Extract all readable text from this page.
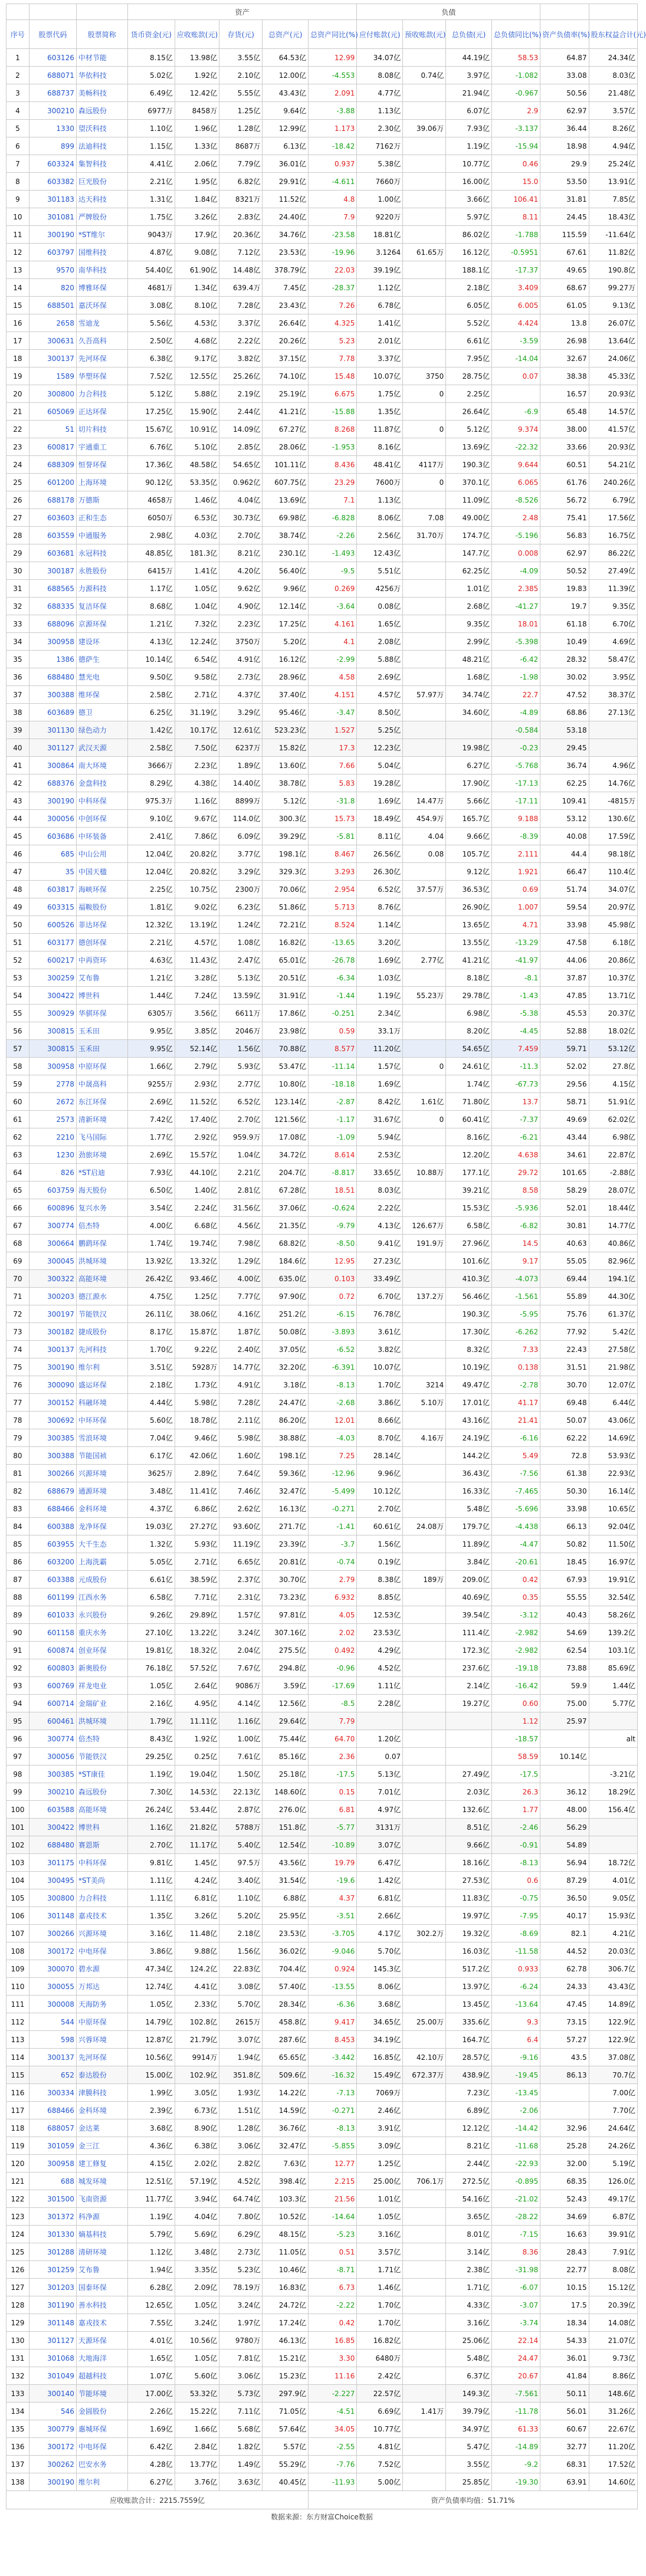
			资产					负债					
序号	股票代码	股票简称	货币资金(元)	应收账款(元)	存货(元)	总资产(元)	总资产同比(%)	应付账款(元)	预收账款(元)	总负债(元)	总负债同比(%)	资产负债率(%)	股东权益合计(元)
1	603126	中材节能	8.15亿	13.98亿	3.55亿	64.53亿	12.99	34.07亿		44.19亿	58.53	64.87	24.34亿
2	688071	华依科技	5.02亿	1.92亿	2.10亿	12.00亿	-4.553	8.08亿	0.74亿	3.97亿	-1.082	33.08	8.03亿
3	688737	美畅科技	6.49亿	12.42亿	5.55亿	43.43亿	2.091	4.77亿		21.94亿	-0.967	50.56	21.48亿
4	300210	森远股份	6977万	8458万	1.25亿	9.64亿	-3.88	1.13亿		6.07亿	2.9	62.97	3.57亿
5	1330	望沃科技	1.10亿	1.96亿	1.28亿	12.99亿	1.173	2.30亿	39.06万	7.93亿	-3.137	36.44	8.26亿
6	899	法迪科技	1.15亿	1.33亿	8687万	6.13亿	-18.42	7162万		1.19亿	-15.94	18.98	4.94亿
7	603324	集智科技	4.41亿	2.06亿	7.79亿	36.01亿	0.937	5.38亿		10.77亿	0.46	29.9	25.24亿
8	603382	巨光股份	2.21亿	1.95亿	6.82亿	29.91亿	-4.611	7660万		16.00亿	15.0	53.50	13.91亿
9	301183	达天科技	1.31亿	1.84亿	8321万	11.52亿	4.8	1.00亿		3.66亿	106.41	31.81	7.85亿
10	301081	严牌股份	1.75亿	3.26亿	2.83亿	24.40亿	7.9	9220万		5.97亿	8.11	24.45	18.43亿
11	300190	*ST维尔	9043万	17.9亿	20.36亿	34.76亿	-23.58	18.81亿		86.02亿	-1.788	115.59	-11.64亿
12	603797	国维科技	4.87亿	9.08亿	7.12亿	23.53亿	-19.96	3.1264	61.65万	16.12亿	-0.5951	67.61	11.82亿
13	9570	南华科技	54.40亿	61.90亿	14.48亿	378.79亿	22.03	39.19亿		188.1亿	-17.37	49.65	190.8亿
14	820	博雅环保	4681万	1.34亿	639.4万	7.45亿	-28.37	1.12亿		2.18亿	3.409	68.67	99.27万
15	688501	嘉沃环保	3.08亿	8.10亿	7.28亿	23.43亿	7.26	6.78亿		6.05亿	6.005	61.05	9.13亿
16	2658	雪迪龙	5.56亿	4.53亿	3.37亿	26.64亿	4.325	1.41亿		5.52亿	4.424	13.8	26.07亿
17	300631	久吾高科	2.50亿	4.68亿	2.22亿	20.26亿	5.23	2.01亿		6.61亿	-3.59	26.98	13.64亿
18	300137	先河环保	6.38亿	9.17亿	3.82亿	37.15亿	7.78	3.37亿		7.95亿	-14.04	32.67	24.06亿
19	1589	华塑环保	7.52亿	12.55亿	25.26亿	74.10亿	15.48	10.07亿	3750	28.75亿	0.07	38.38	45.33亿
20	300800	力合科技	5.12亿	5.88亿	2.19亿	25.19亿	6.675	1.75亿	0	2.25亿		16.57	20.93亿
21	605069	正达环保	17.25亿	15.90亿	2.44亿	41.21亿	-15.88	1.35亿		26.64亿	-6.9	65.48	14.57亿
22	51	切片科技	15.67亿	10.91亿	14.09亿	67.27亿	8.268	11.87亿	0	5.12亿	9.374	38.00	41.57亿
23	600817	宇通重工	6.76亿	5.10亿	2.85亿	28.06亿	-1.953	8.16亿		13.69亿	-22.32	33.66	20.93亿
24	688309	恒誉环保	17.36亿	48.58亿	54.65亿	101.11亿	8.436	48.41亿	4117万	190.3亿	9.644	60.51	54.21亿
25	601200	上海环境	90.12亿	53.35亿	0.962亿	607.75亿	23.29	7600万	0	370.1亿	6.065	61.76	240.26亿
26	688178	万德斯	4658万	1.46亿	4.04亿	13.69亿	7.1	1.13亿		11.09亿	-8.526	56.72	6.79亿
27	603603	正和生态	6050万	6.53亿	30.73亿	69.98亿	-6.828	8.06亿	7.08	49.00亿	2.48	75.41	17.56亿
28	603559	中通服务	2.98亿	4.03亿	2.70亿	38.74亿	-2.26	2.56亿	31.70万	174.7亿	-5.196	56.83	16.75亿
29	603681	永冠科技	48.85亿	181.3亿	8.21亿	230.1亿	-1.493	12.43亿		147.7亿	0.008	62.97	86.22亿
30	300187	永胜股份	6415万	1.41亿	4.20亿	56.40亿	-9.5	5.51亿		62.25亿	-4.09	50.52	27.49亿
31	688565	力源科技	1.17亿	1.05亿	9.62亿	9.96亿	0.269	4256万		1.01亿	2.385	19.83	11.39亿
32	688335	复洁环保	8.68亿	1.04亿	4.90亿	12.14亿	-3.64	0.08亿		2.68亿	-41.27	19.7	9.35亿
33	688096	京源环保	1.21亿	7.32亿	2.23亿	17.25亿	4.161	1.65亿		9.35亿	18.01	61.18	6.70亿
34	300958	建设环	4.13亿	12.24亿	3750万	5.20亿	4.1	2.08亿		2.99亿	-5.398	10.49	4.69亿
35	1386	德萨生	10.14亿	6.54亿	4.91亿	16.12亿	-2.99	5.88亿		48.21亿	-6.42	28.32	58.47亿
36	688480	慧光电	9.50亿	9.58亿	2.73亿	28.96亿	4.58	2.69亿		1.68亿	-1.98	30.02	3.95亿
37	300388	维环保	2.58亿	2.71亿	4.37亿	37.40亿	4.151	4.57亿	57.97万	34.74亿	22.7	47.52	38.37亿
38	603689	德卫	6.25亿	31.19亿	3.29亿	95.46亿	-3.47	8.50亿		34.60亿	-4.89	68.86	27.13亿
39	301130	绿色动力	1.42亿	10.17亿	12.61亿	523.23亿	1.527	5.25亿			-0.584	53.18	
40	301127	武汉天源	2.58亿	7.50亿	6237万	15.82亿	17.3	12.23亿		19.98亿	-0.23	29.45	
41	300864	南大环境	3666万	2.23亿	1.89亿	13.60亿	7.66	5.04亿		6.27亿	-5.768	36.74	4.96亿
42	688376	金盘科技	8.29亿	4.38亿	14.40亿	38.78亿	5.83	19.28亿		17.90亿	-17.13	62.25	14.76亿
43	300190	中科环保	975.3万	1.16亿	8899万	5.12亿	-31.8	1.69亿	14.47万	5.66亿	-17.11	109.41	-4815万
44	300056	中创环保	9.10亿	9.67亿	114.0亿	300.3亿	15.73	18.49亿	454.9万	165.7亿	9.188	53.12	130.6亿
45	603686	中环装备	2.41亿	7.86亿	6.09亿	39.29亿	-5.81	8.11亿	4.04	9.66亿	-8.39	40.08	17.59亿
46	685	中山公用	12.04亿	20.82亿	3.77亿	198.1亿	8.467	26.56亿	0.08	105.7亿	2.111	44.4	98.18亿
47	35	中国天楹	12.04亿	20.82亿	3.29亿	329.3亿	3.293	26.30亿		9.12亿	1.921	66.47	110.4亿
48	603817	海峡环保	2.25亿	10.75亿	2300万	70.06亿	2.954	6.52亿	37.57万	36.53亿	0.69	51.74	34.07亿
49	603315	福鞍股份	1.81亿	9.02亿	6.23亿	51.86亿	5.713	8.76亿		26.90亿	1.007	59.54	20.97亿
50	600526	菲达环保	12.32亿	13.19亿	1.24亿	72.21亿	8.524	1.14亿		13.65亿	4.71	33.98	45.98亿
51	603177	德创环保	2.21亿	4.57亿	1.08亿	16.82亿	-13.65	3.20亿		13.55亿	-13.29	47.58	6.18亿
52	600217	中再资环	4.63亿	11.43亿	2.47亿	65.01亿	-26.78	1.69亿	2.77亿	41.21亿	-41.97	44.06	20.86亿
53	300259	艾布鲁	1.21亿	3.28亿	5.13亿	20.51亿	-6.34	1.03亿		8.18亿	-8.1	37.87	10.37亿
54	300422	博世科	1.44亿	7.24亿	13.59亿	31.91亿	-1.44	1.19亿	55.23万	29.78亿	-1.43	47.85	13.71亿
55	300929	华骐环保	6305万	3.56亿	6611万	17.86亿	-0.251	2.34亿		6.98亿	-5.38	45.53	20.37亿
56	300815	玉禾田	9.95亿	3.85亿	2046万	23.98亿	0.59	33.1万		8.20亿	-4.45	52.88	18.02亿
57	300815	玉禾田	9.95亿	52.14亿	1.56亿	70.88亿	8.577	11.20亿		54.65亿	7.459	59.71	53.12亿
58	300958	中原环保	1.66亿	2.79亿	5.93亿	53.47亿	-11.14	1.57亿	0	24.61亿	-11.3	52.02	27.8亿
59	2778	中晟高科	9255万	2.93亿	2.77亿	10.80亿	-18.18	1.69亿		1.74亿	-67.73	29.56	4.15亿
60	2672	东江环保	2.69亿	11.52亿	6.52亿	123.14亿	-2.87	8.42亿	1.61亿	71.80亿	13.7	58.71	51.91亿
61	2573	清新环境	7.42亿	17.40亿	2.70亿	121.56亿	-1.17	31.67亿	0	60.41亿	-7.37	49.69	62.02亿
62	2210	飞马国际	1.77亿	2.92亿	959.9万	17.08亿	-1.09	5.94亿		8.16亿	-6.21	43.44	6.98亿
63	1230	劲旅环境	2.69亿	15.57亿	1.04亿	34.72亿	8.614	2.53亿		12.20亿	4.638	34.61	22.87亿
64	826	*ST启迪	7.93亿	44.10亿	2.21亿	204.7亿	-8.817	33.65亿	10.88万	177.1亿	29.72	101.65	-2.88亿
65	603759	海天股份	6.50亿	1.40亿	2.81亿	67.28亿	18.51	8.03亿		39.21亿	8.58	58.29	28.07亿
66	600896	复兴水务	3.54亿	2.24亿	31.56亿	37.06亿	-0.624	2.22亿		15.53亿	-5.936	52.01	18.44亿
67	300774	倍杰特	4.00亿	6.68亿	4.56亿	21.35亿	-9.79	4.13亿	126.67万	6.58亿	-6.82	30.81	14.77亿
68	300664	鹏鹞环保	1.74亿	19.74亿	7.98亿	68.82亿	-8.50	9.41亿	191.9万	27.96亿	14.5	40.63	40.86亿
69	300045	洪城环境	13.92亿	13.32亿	1.29亿	184.6亿	12.95	27.23亿		101.6亿	9.17	55.05	82.96亿
70	300322	高能环境	26.42亿	93.46亿	4.00亿	635.0亿	0.103	33.49亿		410.3亿	-4.073	69.44	194.1亿
71	300203	德江源水	4.75亿	1.25亿	7.77亿	97.90亿	0.72	6.70亿	137.2万	56.46亿	-1.561	55.89	44.30亿
72	300197	节能铁汉	26.11亿	38.06亿	4.16亿	251.2亿	-6.15	76.78亿		190.3亿	-5.95	75.76	61.37亿
73	300182	捷成股份	8.17亿	15.87亿	1.87亿	50.08亿	-3.893	3.61亿		17.30亿	-6.262	77.92	5.42亿
74	300137	先河科技	1.70亿	9.22亿	2.40亿	37.05亿	-6.52	3.82亿		8.32亿	7.33	22.43	27.58亿
75	300190	维尔利	3.51亿	5928万	14.77亿	32.20亿	-6.391	10.07亿		10.19亿	0.138	31.51	21.98亿
76	300090	盛运环保	2.18亿	1.73亿	4.91亿	3.18亿	-8.13	1.70亿	3214	49.47亿	-2.78	30.70	12.07亿
77	300152	科融环境	4.44亿	5.98亿	7.28亿	24.47亿	-2.68	3.86亿	5.10万	17.01亿	41.17	69.48	6.44亿
78	300692	中环环保	5.60亿	18.78亿	2.11亿	86.20亿	12.01	8.66亿		43.16亿	21.41	50.07	43.06亿
79	300385	雪浪环境	7.04亿	9.46亿	5.98亿	38.88亿	-4.03	8.70亿	4.16万	24.19亿	-6.16	62.22	14.69亿
80	300388	节能国祯	6.17亿	42.06亿	1.60亿	198.1亿	7.25	28.14亿		144.2亿	5.49	72.8	53.93亿
81	300266	兴源环境	3625万	2.89亿	7.64亿	59.36亿	-12.96	9.96亿		36.43亿	-7.56	61.38	22.93亿
82	688679	通源环境	3.48亿	11.41亿	7.46亿	32.47亿	-5.499	10.12亿		16.33亿	-7.465	50.30	16.14亿
83	688466	金科环境	4.37亿	6.86亿	2.62亿	16.13亿	-0.271	2.70亿		5.48亿	-5.696	33.98	10.65亿
84	600388	龙净环保	19.03亿	27.27亿	93.60亿	271.7亿	-1.41	60.61亿	24.08万	179.7亿	-4.438	66.13	92.04亿
85	603955	大千生态	1.32亿	5.93亿	11.19亿	23.39亿	-3.7	1.56亿		11.89亿	-4.47	50.82	11.50亿
86	603200	上海洗霸	5.05亿	2.71亿	6.65亿	20.81亿	-0.74	0.19亿		3.84亿	-20.61	18.45	16.97亿
87	603388	元成股份	6.61亿	38.59亿	2.37亿	30.70亿	2.79	8.38亿	189万	209.0亿	0.42	67.93	19.91亿
88	601199	江西水务	6.58亿	7.71亿	2.31亿	73.23亿	6.932	8.85亿		40.69亿	0.35	55.55	32.54亿
89	601033	永兴股份	9.26亿	29.89亿	1.57亿	97.81亿	4.05	12.53亿		39.54亿	-3.12	40.43	58.26亿
90	601158	重庆水务	27.10亿	13.22亿	3.24亿	307.16亿	2.02	23.53亿		111.4亿	-2.982	54.69	139.2亿
91	600874	创业环保	19.81亿	18.32亿	2.04亿	275.5亿	0.492	4.29亿		172.3亿	-2.982	62.54	103.1亿
92	600803	新奥股份	76.18亿	57.52亿	7.67亿	294.8亿	-0.96	4.52亿		237.6亿	-19.18	73.88	85.69亿
93	600769	祥龙电业	1.05亿	2.64亿	9086万	3.59亿	-17.69	1.11亿		2.14亿	-16.42	59.9	1.44亿
94	600714	金瑞矿业	2.16亿	4.95亿	4.14亿	12.56亿	-8.5	2.28亿		19.27亿	0.60	75.00	5.77亿
95	600461	洪城环境	1.79亿	11.11亿	1.16亿	29.64亿	7.79				1.12	25.97	
96	300774	倍杰特	8.43亿	1.92亿	1.00亿	75.44亿	64.70	1.20亿			-18.57		alt
97	300056	节能铁汉	29.25亿	0.25亿	7.61亿	85.16亿	2.36	0.07			58.59	10.14亿	
98	300385	*ST康佳	1.19亿	19.04亿	1.50亿	25.18亿	-17.5	5.13亿		27.49亿	-17.5		-3.21亿
99	300210	森远股份	7.30亿	14.53亿	22.13亿	148.60亿	0.15	7.01亿		2.03亿	26.3	36.12	18.29亿
100	603588	高能环境	26.24亿	53.44亿	2.87亿	276.0亿	6.81	4.97亿		132.6亿	1.77	48.00	156.4亿
101	300422	博世科	1.16亿	21.82亿	5788万	151.8亿	-5.77	3131万		8.51亿	-2.46	56.29	
102	688480	赛恩斯	2.70亿	11.17亿	5.40亿	12.54亿	-10.89	3.07亿		9.66亿	-0.91	54.89	
103	301175	中科环保	9.81亿	1.45亿	97.5万	43.56亿	19.79	6.47亿		18.16亿	-8.13	56.94	18.72亿
104	300495	*ST美尚	1.11亿	4.24亿	3.40亿	31.54亿	-19.6	1.42亿		27.53亿	0.6	87.29	4.01亿
105	300800	力合科技	1.11亿	6.81亿	1.10亿	6.88亿	4.37	6.81亿		11.83亿	-0.75	36.50	9.05亿
106	301148	嘉戎技术	1.35亿	3.26亿	5.20亿	25.95亿	-3.51	2.66亿		19.97亿	-7.95	40.17	15.93亿
107	300266	兴源环境	3.16亿	11.48亿	2.18亿	23.53亿	-3.705	4.17亿	302.2万	19.32亿	-8.69	82.1	4.21亿
108	300172	中电环保	3.86亿	9.88亿	1.56亿	36.02亿	-9.046	5.70亿		16.03亿	-11.58	44.52	20.03亿
109	300070	碧水源	47.34亿	124.2亿	22.83亿	704.4亿	0.924	145.3亿		517.2亿	0.933	62.78	306.7亿
110	300055	万邦达	12.74亿	4.41亿	3.08亿	57.40亿	-13.55	8.06亿		13.97亿	-6.24	24.33	43.43亿
111	300008	天海防务	1.05亿	2.33亿	5.70亿	28.34亿	-6.36	3.68亿		13.45亿	-13.64	47.45	14.89亿
112	544	中原环保	14.79亿	102.8亿	2615万	458.8亿	9.417	34.65亿	25.00万	335.6亿	9.3	73.15	122.9亿
113	598	兴蓉环境	12.87亿	21.79亿	3.07亿	287.6亿	8.453	34.19亿		164.7亿	6.4	57.27	122.9亿
114	300137	先河环保	10.56亿	9914万	1.94亿	65.65亿	-3.442	16.85亿	42.10万	28.57亿	-9.16	43.5	37.08亿
115	652	泰达股份	15.00亿	102.9亿	351.8亿	509.6亿	-16.32	15.49亿	672.37万	438.9亿	-19.45	86.13	70.7亿
116	300334	津膜科技	1.99亿	3.05亿	1.93亿	14.22亿	-7.13	7069万		7.23亿	-13.45		7.00亿
117	688466	金科环境	2.39亿	6.73亿	1.51亿	14.59亿	-0.271	2.46亿		6.89亿	-2.06		7.70亿
118	688057	金达莱	3.68亿	8.90亿	1.28亿	36.76亿	-8.13	3.91亿		12.12亿	-14.42	32.96	24.64亿
119	301059	金三江	4.36亿	6.38亿	3.06亿	32.47亿	-5.855	3.09亿		8.21亿	-11.68	25.28	24.26亿
120	300958	建工修复	4.15亿	2.02亿	2.82亿	7.63亿	12.77	1.25亿		2.44亿	-22.93	32.00	5.19亿
121	688	城发环境	12.51亿	57.19亿	4.52亿	398.4亿	2.215	25.00亿	706.1万	272.5亿	-0.895	68.35	126.0亿
122	301500	飞南资源	11.77亿	3.94亿	64.74亿	103.3亿	21.56	1.01亿		54.16亿	-21.02	52.43	49.17亿
123	301372	科净源	1.19亿	4.04亿	7.80亿	10.52亿	-14.64	1.05亿		3.65亿	-28.22	34.69	6.87亿
124	301330	熵基科技	5.79亿	5.69亿	6.29亿	48.15亿	-5.23	3.16亿		8.01亿	-7.15	16.63	39.91亿
125	301288	清研环境	1.12亿	3.48亿	2.73亿	11.05亿	0.51	3.57亿		3.14亿	8.36	28.43	7.91亿
126	301259	艾布鲁	1.94亿	3.35亿	5.23亿	10.46亿	-8.71	1.71亿		2.38亿	-31.98	22.77	8.08亿
127	301203	国泰环保	6.28亿	2.09亿	78.19万	16.83亿	6.73	1.46亿		1.71亿	-6.07	10.15	15.12亿
128	301190	善水科技	12.65亿	1.05亿	3.24亿	24.72亿	-2.22	1.70亿		4.33亿	-3.07	17.5	20.39亿
129	301148	嘉戎技术	7.55亿	3.24亿	1.97亿	17.24亿	0.42	1.70亿		3.16亿	-3.74	18.34	14.08亿
130	301127	天源环保	4.01亿	10.56亿	9780万	46.13亿	16.85	16.82亿		25.06亿	22.14	54.33	21.07亿
131	301068	大地海洋	1.65亿	1.05亿	7.81亿	15.21亿	3.30	6480万		5.48亿	24.47	36.01	9.73亿
132	301049	超越科技	1.07亿	5.60亿	3.06亿	15.23亿	11.16	2.42亿		6.37亿	20.67	41.84	8.86亿
133	300140	节能环境	17.00亿	53.32亿	5.73亿	297.9亿	-2.227	22.57亿		149.3亿	-7.561	50.11	148.6亿
134	546	金圆股份	2.26亿	15.22亿	7.11亿	71.05亿	-4.51	6.69亿	1.41万	39.79亿	-11.78	56.01	31.26亿
135	300779	惠城环保	1.69亿	1.66亿	5.68亿	57.64亿	34.05	10.77亿		34.97亿	61.33	60.67	22.67亿
136	300172	中电环保	6.42亿	2.84亿	1.82亿	5.57亿	-2.55	4.81亿		5.47亿	-14.89	32.77	11.20亿
137	300262	巴安水务	4.28亿	13.77亿	1.49亿	55.29亿	-7.76	7.52亿		3.55亿	-9.2	68.31	17.52亿
138	300190	维尔利	6.27亿	3.76亿	3.63亿	40.45亿	-11.93	5.00亿		25.85亿	-19.30	63.91	14.60亿
应收账款合计：2215.7559亿							资产负债率均值：51.71%						
数据来源：东方财富Choice数据
